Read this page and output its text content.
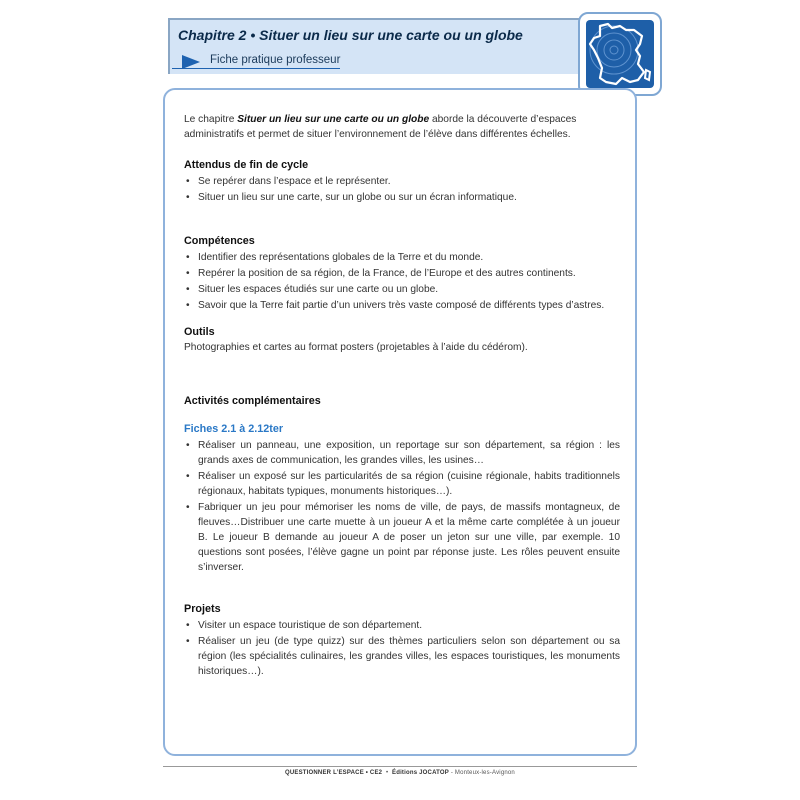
Chapitre 2 • Situer un lieu sur une carte ou un globe
Fiche pratique professeur

Le chapitre Situer un lieu sur une carte ou un globe aborde la découverte d’espaces administratifs et permet de situer l’environnement de l’élève dans différentes échelles.

Attendus de fin de cycle
• Se repérer dans l’espace et le représenter.
• Situer un lieu sur une carte, sur un globe ou sur un écran informatique.
Compétences
• Identifier des représentations globales de la Terre et du monde.
• Repérer la position de sa région, de la France, de l’Europe et des autres continents.
• Situer les espaces étudiés sur une carte ou un globe.
• Savoir que la Terre fait partie d’un univers très vaste composé de différents types d’astres.
Outils

Photographies et cartes au format posters (projetables à l’aide du cédérom).

Activités complémentaires
Fiches 2.1 à 2.12ter
• Réaliser un panneau, une exposition, un reportage sur son département, sa région : les grands axes de communication, les grandes villes, les usines…
• Réaliser un exposé sur les particularités de sa région (cuisine régionale, habits traditionnels régionaux, habitats typiques, monuments historiques…).
• Fabriquer un jeu pour mémoriser les noms de ville, de pays, de massifs montagneux, de fleuves…Distribuer une carte muette à un joueur A et la même carte complétée à un joueur B. Le joueur B demande au joueur A de poser un jeton sur une ville, par exemple. 10 questions sont posées, l’élève gagne un point par réponse juste. Les rôles peuvent ensuite s’inverser.
Projets
• Visiter un espace touristique de son département.
• Réaliser un jeu (de type quizz) sur des thèmes particuliers selon son département ou sa région (les spécialités culinaires, les grandes villes, les espaces touristiques, les monuments historiques…).
QUESTIONNER L’ESPACE • CE2 • Éditions JOCATOP - Monteux-les-Avignon
